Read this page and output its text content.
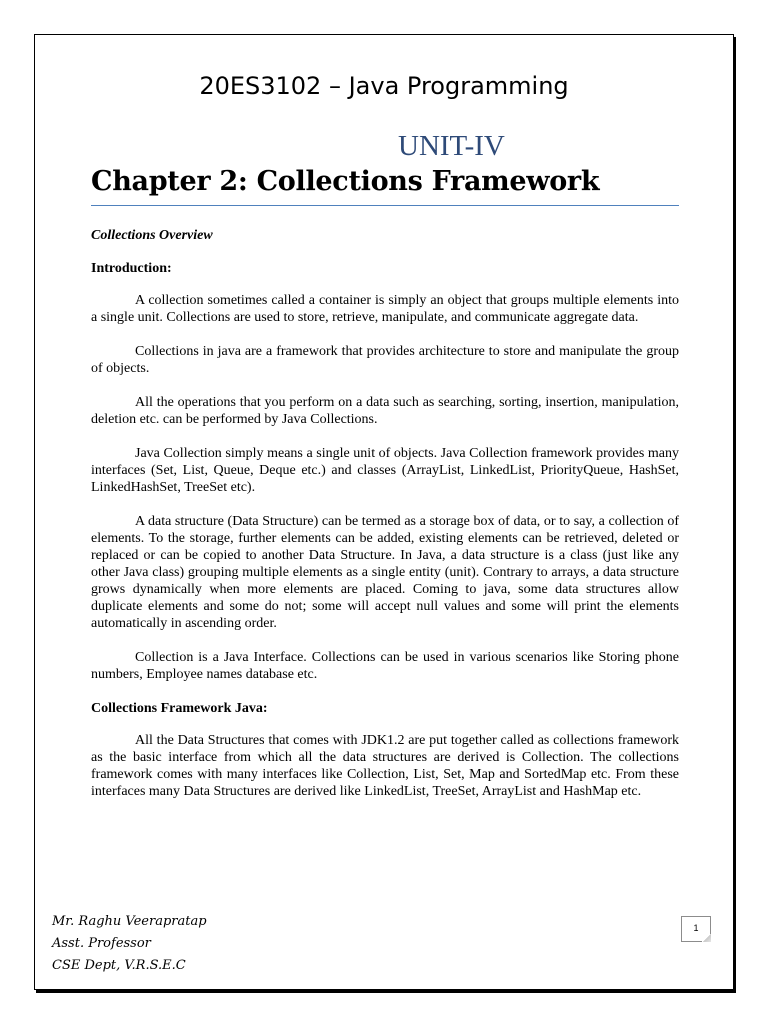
20ES3102 – Java Programming
UNIT-IV
Chapter 2: Collections Framework

Collections Overview

Introduction:

A collection sometimes called a container is simply an object that groups multiple elements into a single unit. Collections are used to store, retrieve, manipulate, and communicate aggregate data.

Collections in java are a framework that provides architecture to store and manipulate the group of objects.

All the operations that you perform on a data such as searching, sorting, insertion, manipulation, deletion etc. can be performed by Java Collections.

Java Collection simply means a single unit of objects. Java Collection framework provides many interfaces (Set, List, Queue, Deque etc.) and classes (ArrayList, LinkedList, PriorityQueue, HashSet, LinkedHashSet, TreeSet etc).

A data structure (Data Structure) can be termed as a storage box of data, or to say, a collection of elements. To the storage, further elements can be added, existing elements can be retrieved, deleted or replaced or can be copied to another Data Structure. In Java, a data structure is a class (just like any other Java class) grouping multiple elements as a single entity (unit). Contrary to arrays, a data structure grows dynamically when more elements are placed. Coming to java, some data structures allow duplicate elements and some do not; some will accept null values and some will print the elements automatically in ascending order.

Collection is a Java Interface. Collections can be used in various scenarios like Storing phone numbers, Employee names database etc.

Collections Framework Java:

All the Data Structures that comes with JDK1.2 are put together called as collections framework as the basic interface from which all the data structures are derived is Collection. The collections framework comes with many interfaces like Collection, List, Set, Map and SortedMap etc. From these interfaces many Data Structures are derived like LinkedList, TreeSet, ArrayList and HashMap etc.

Mr. Raghu Veerapratap
Asst. Professor
CSE Dept, V.R.S.E.C
1
